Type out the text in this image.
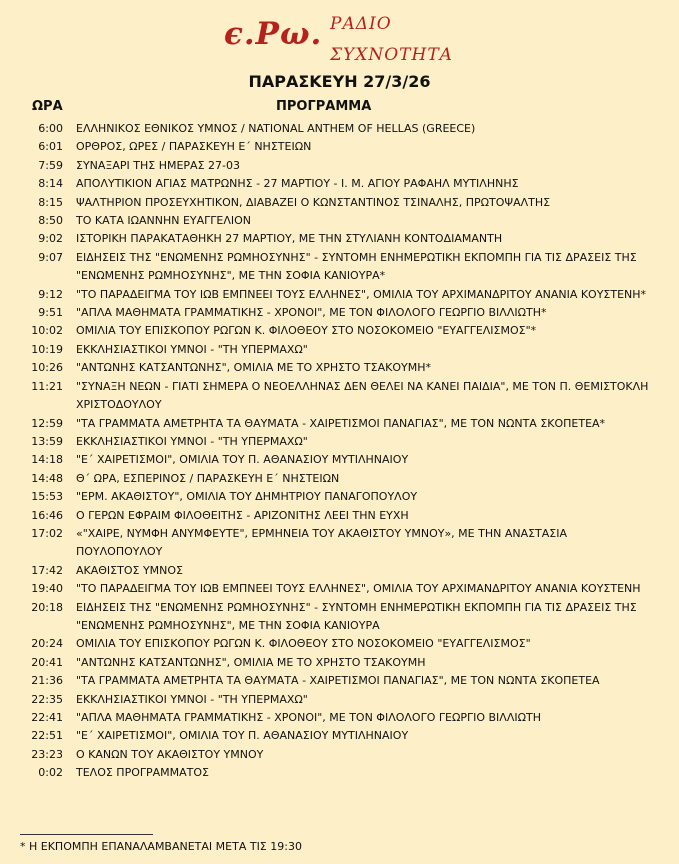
ϵ.Ρω. ΡΑΔΙΟ
ΣΥΧΝΟΤΗΤΑ
ΠΑΡΑΣΚΕΥΗ 27/3/26
ΩΡΑ	ΠΡΟΓΡΑΜΜΑ
6:00 ΕΛΛΗΝΙΚΟΣ ΕΘΝΙΚΟΣ ΥΜΝΟΣ / NATIONAL ANTHEM OF HELLAS (GREECE)
6:01 ΟΡΘΡΟΣ, ΩΡΕΣ / ΠΑΡΑΣΚΕΥΗ Ε΄ ΝΗΣΤΕΙΩΝ
7:59 ΣΥΝΑΞΑΡΙ ΤΗΣ ΗΜΕΡΑΣ 27-03
8:14 ΑΠΟΛΥΤΙΚΙΟΝ ΑΓΙΑΣ ΜΑΤΡΩΝΗΣ - 27 ΜΑΡΤΙΟΥ - Ι. Μ. ΑΓΙΟΥ ΡΑΦΑΗΛ ΜΥΤΙΛΗΝΗΣ
8:15 ΨΑΛΤΗΡΙΟΝ ΠΡΟΣΕΥΧΗΤΙΚΟΝ, ΔΙΑΒΑΖΕΙ Ο ΚΩΝΣΤΑΝΤΙΝΟΣ ΤΣΙΝΑΛΗΣ, ΠΡΩΤΟΨΑΛΤΗΣ
8:50 ΤΟ ΚΑΤΑ ΙΩΑΝΝΗΝ ΕΥΑΓΓΕΛΙΟΝ
9:02 ΙΣΤΟΡΙΚΗ ΠΑΡΑΚΑΤΑΘΗΚΗ 27 ΜΑΡΤΙΟΥ, ΜΕ ΤΗΝ ΣΤΥΛΙΑΝΗ ΚΟΝΤΟΔΙΑΜΑΝΤΗ
9:07 ΕΙΔΗΣΕΙΣ ΤΗΣ "ΕΝΩΜΕΝΗΣ ΡΩΜΗΟΣΥΝΗΣ" - ΣΥΝΤΟΜΗ ΕΝΗΜΕΡΩΤΙΚΗ ΕΚΠΟΜΠΗ ΓΙΑ ΤΙΣ ΔΡΑΣΕΙΣ ΤΗΣ "ΕΝΩΜΕΝΗΣ ΡΩΜΗΟΣΥΝΗΣ", ΜΕ ΤΗΝ ΣΟΦΙΑ ΚΑΝΙΟΥΡΑ*
9:12 "ΤΟ ΠΑΡΑΔΕΙΓΜΑ ΤΟΥ ΙΩΒ ΕΜΠΝΕΕΙ ΤΟΥΣ ΕΛΛΗΝΕΣ", ΟΜΙΛΙΑ ΤΟΥ ΑΡΧΙΜΑΝΔΡΙΤΟΥ ΑΝΑΝΙΑ ΚΟΥΣΤΕΝΗ*
9:51 "ΑΠΛΑ ΜΑΘΗΜΑΤΑ ΓΡΑΜΜΑΤΙΚΗΣ - ΧΡΟΝΟΙ", ΜΕ ΤΟΝ ΦΙΛΟΛΟΓΟ ΓΕΩΡΓΙΟ ΒΙΛΛΙΩΤΗ*
10:02 ΟΜΙΛΙΑ ΤΟΥ ΕΠΙΣΚΟΠΟΥ ΡΩΓΩΝ Κ. ΦΙΛΟΘΕΟΥ ΣΤΟ ΝΟΣΟΚΟΜΕΙΟ "ΕΥΑΓΓΕΛΙΣΜΟΣ"*
10:19 ΕΚΚΛΗΣΙΑΣΤΙΚΟΙ ΥΜΝΟΙ - "ΤΗ ΥΠΕΡΜΑΧΩ"
10:26 "ΑΝΤΩΝΗΣ ΚΑΤΣΑΝΤΩΝΗΣ", ΟΜΙΛΙΑ ΜΕ ΤΟ ΧΡΗΣΤΟ ΤΣΑΚΟΥΜΗ*
11:21 "ΣΥΝΑΞΗ ΝΕΩΝ - ΓΙΑΤΙ ΣΗΜΕΡΑ Ο ΝΕΟΕΛΛΗΝΑΣ ΔΕΝ ΘΕΛΕΙ ΝΑ ΚΑΝΕΙ ΠΑΙΔΙΑ", ΜΕ ΤΟΝ Π. ΘΕΜΙΣΤΟΚΛΗ ΧΡΙΣΤΟΔΟΥΛΟΥ
12:59 "ΤΑ ΓΡΑΜΜΑΤΑ ΑΜΕΤΡΗΤΑ ΤΑ ΘΑΥΜΑΤΑ - ΧΑΙΡΕΤΙΣΜΟΙ ΠΑΝΑΓΙΑΣ", ΜΕ ΤΟΝ ΝΩΝΤΑ ΣΚΟΠΕΤΕΑ*
13:59 ΕΚΚΛΗΣΙΑΣΤΙΚΟΙ ΥΜΝΟΙ - "ΤΗ ΥΠΕΡΜΑΧΩ"
14:18 "Ε΄ ΧΑΙΡΕΤΙΣΜΟΙ", ΟΜΙΛΙΑ ΤΟΥ Π. ΑΘΑΝΑΣΙΟΥ ΜΥΤΙΛΗΝΑΙΟΥ
14:48 Θ΄ ΩΡΑ, ΕΣΠΕΡΙΝΟΣ / ΠΑΡΑΣΚΕΥΗ Ε΄ ΝΗΣΤΕΙΩΝ
15:53 "ΕΡΜ. ΑΚΑΘΙΣΤΟΥ", ΟΜΙΛΙΑ ΤΟΥ ΔΗΜΗΤΡΙΟΥ ΠΑΝΑΓΟΠΟΥΛΟΥ
16:46 Ο ΓΕΡΩΝ ΕΦΡΑΙΜ ΦΙΛΟΘΕΙΤΗΣ - ΑΡΙΖΟΝΙΤΗΣ ΛΕΕΙ ΤΗΝ ΕΥΧΗ
17:02 «"ΧΑΙΡΕ, ΝΥΜΦΗ ΑΝΥΜΦΕΥΤΕ", ΕΡΜΗΝΕΙΑ ΤΟΥ ΑΚΑΘΙΣΤΟΥ ΥΜΝΟΥ», ΜΕ ΤΗΝ ΑΝΑΣΤΑΣΙΑ ΠΟΥΛΟΠΟΥΛΟΥ
17:42 ΑΚΑΘΙΣΤΟΣ ΥΜΝΟΣ
19:40 "ΤΟ ΠΑΡΑΔΕΙΓΜΑ ΤΟΥ ΙΩΒ ΕΜΠΝΕΕΙ ΤΟΥΣ ΕΛΛΗΝΕΣ", ΟΜΙΛΙΑ ΤΟΥ ΑΡΧΙΜΑΝΔΡΙΤΟΥ ΑΝΑΝΙΑ ΚΟΥΣΤΕΝΗ
20:18 ΕΙΔΗΣΕΙΣ ΤΗΣ "ΕΝΩΜΕΝΗΣ ΡΩΜΗΟΣΥΝΗΣ" - ΣΥΝΤΟΜΗ ΕΝΗΜΕΡΩΤΙΚΗ ΕΚΠΟΜΠΗ ΓΙΑ ΤΙΣ ΔΡΑΣΕΙΣ ΤΗΣ "ΕΝΩΜΕΝΗΣ ΡΩΜΗΟΣΥΝΗΣ", ΜΕ ΤΗΝ ΣΟΦΙΑ ΚΑΝΙΟΥΡΑ
20:24 ΟΜΙΛΙΑ ΤΟΥ ΕΠΙΣΚΟΠΟΥ ΡΩΓΩΝ Κ. ΦΙΛΟΘΕΟΥ ΣΤΟ ΝΟΣΟΚΟΜΕΙΟ "ΕΥΑΓΓΕΛΙΣΜΟΣ"
20:41 "ΑΝΤΩΝΗΣ ΚΑΤΣΑΝΤΩΝΗΣ", ΟΜΙΛΙΑ ΜΕ ΤΟ ΧΡΗΣΤΟ ΤΣΑΚΟΥΜΗ
21:36 "ΤΑ ΓΡΑΜΜΑΤΑ ΑΜΕΤΡΗΤΑ ΤΑ ΘΑΥΜΑΤΑ - ΧΑΙΡΕΤΙΣΜΟΙ ΠΑΝΑΓΙΑΣ", ΜΕ ΤΟΝ ΝΩΝΤΑ ΣΚΟΠΕΤΕΑ
22:35 ΕΚΚΛΗΣΙΑΣΤΙΚΟΙ ΥΜΝΟΙ - "ΤΗ ΥΠΕΡΜΑΧΩ"
22:41 "ΑΠΛΑ ΜΑΘΗΜΑΤΑ ΓΡΑΜΜΑΤΙΚΗΣ - ΧΡΟΝΟΙ", ΜΕ ΤΟΝ ΦΙΛΟΛΟΓΟ ΓΕΩΡΓΙΟ ΒΙΛΛΙΩΤΗ
22:51 "Ε΄ ΧΑΙΡΕΤΙΣΜΟΙ", ΟΜΙΛΙΑ ΤΟΥ Π. ΑΘΑΝΑΣΙΟΥ ΜΥΤΙΛΗΝΑΙΟΥ
23:23 Ο ΚΑΝΩΝ ΤΟΥ ΑΚΑΘΙΣΤΟΥ ΥΜΝΟΥ
0:02 ΤΕΛΟΣ ΠΡΟΓΡΑΜΜΑΤΟΣ
* Η ΕΚΠΟΜΠΗ ΕΠΑΝΑΛΑΜΒΑΝΕΤΑΙ ΜΕΤΑ ΤΙΣ 19:30
